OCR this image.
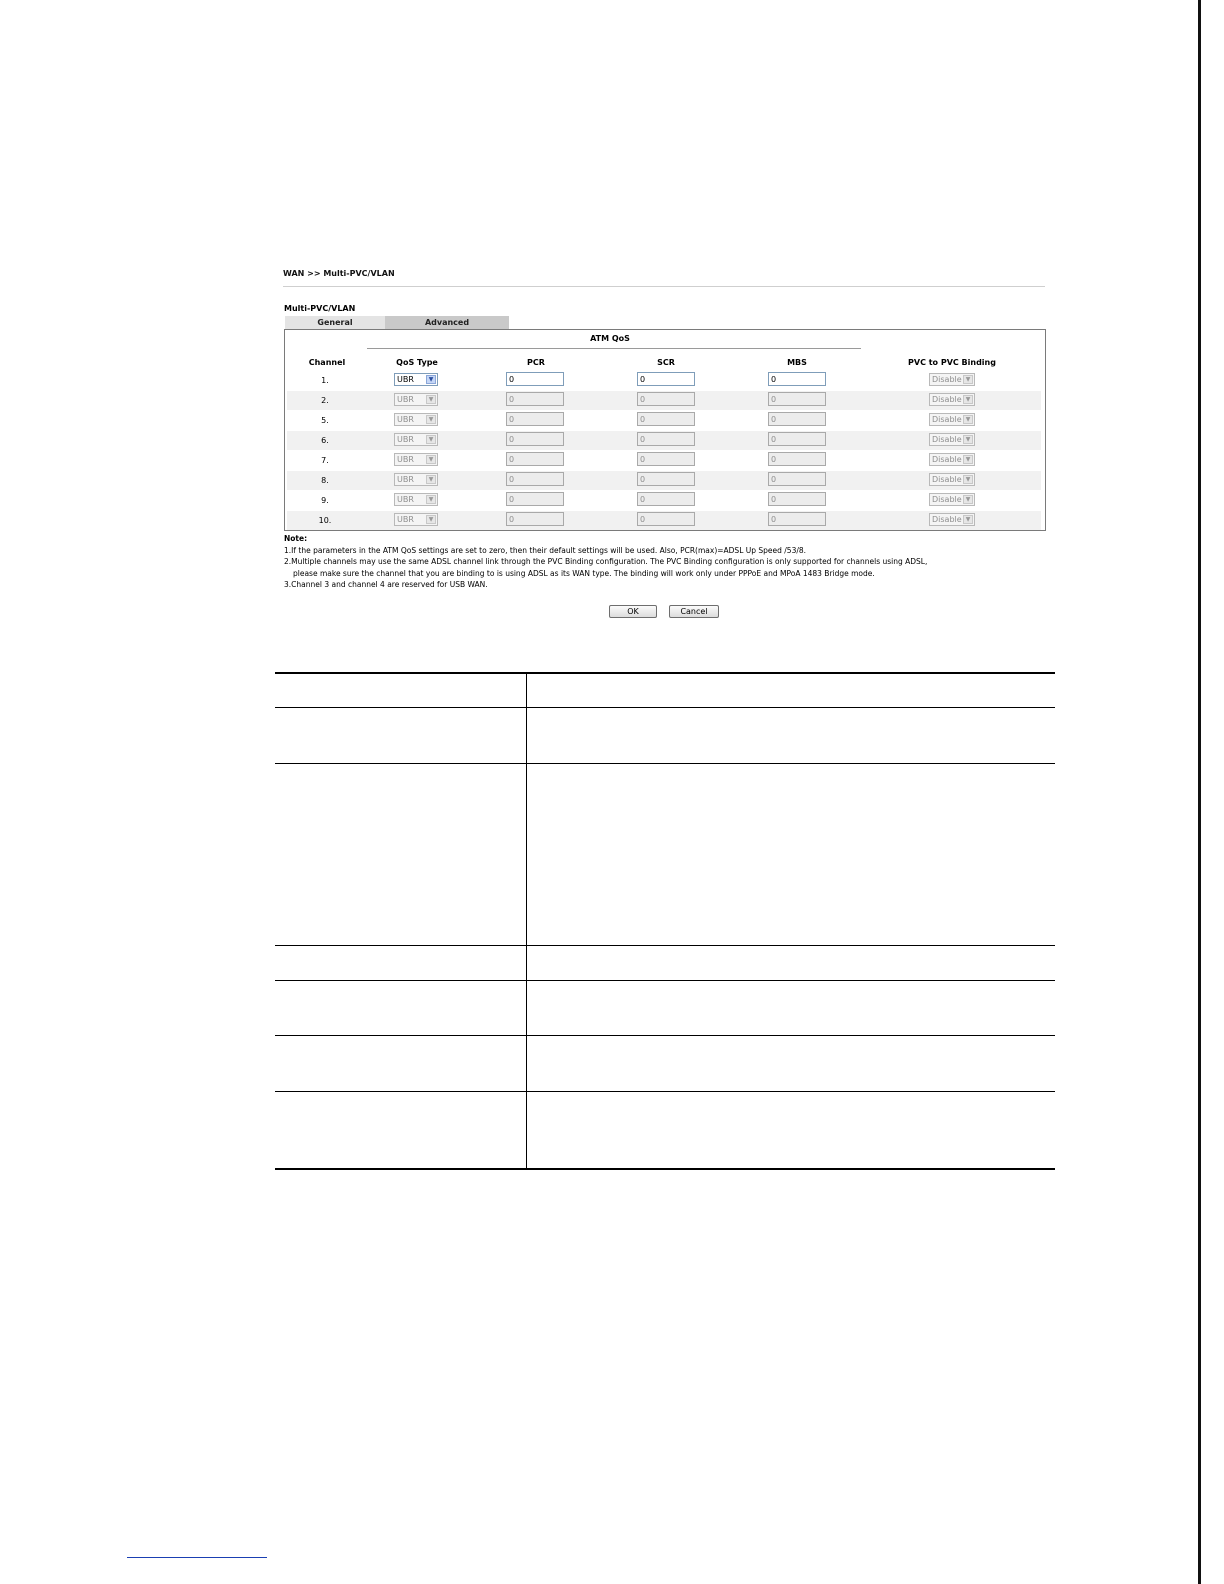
WAN >> Multi-PVC/VLAN
Multi-PVC/VLAN
General	Advanced
ATM QoS
Channel	QoS Type	PCR	SCR	MBS	PVC to PVC Binding
1.	UBR	▼	0	0	0	Disable ▼
2.	UBR	▼	0	0	0	Disable ▼
5.	UBR	▼	0	0	0	Disable ▼
6.	UBR	▼	0	0	0	Disable ▼
7.	UBR	▼	0	0	0	Disable ▼
8.	UBR	▼	0	0	0	Disable ▼
9.	UBR	▼	0	0	0	Disable ▼
10.	UBR	▼	0	0	0	Disable ▼

Note:

1.If the parameters in the ATM QoS settings are set to zero, then their default settings will be used. Also, PCR(max)=ADSL Up Speed /53/8.

2.Multiple channels may use the same ADSL channel link through the PVC Binding configuration. The PVC Binding configuration is only supported for channels using ADSL,

please make sure the channel that you are binding to is using ADSL as its WAN type. The binding will work only under PPPoE and MPoA 1483 Bridge mode.

3.Channel 3 and channel 4 are reserved for USB WAN.

OK	Cancel
